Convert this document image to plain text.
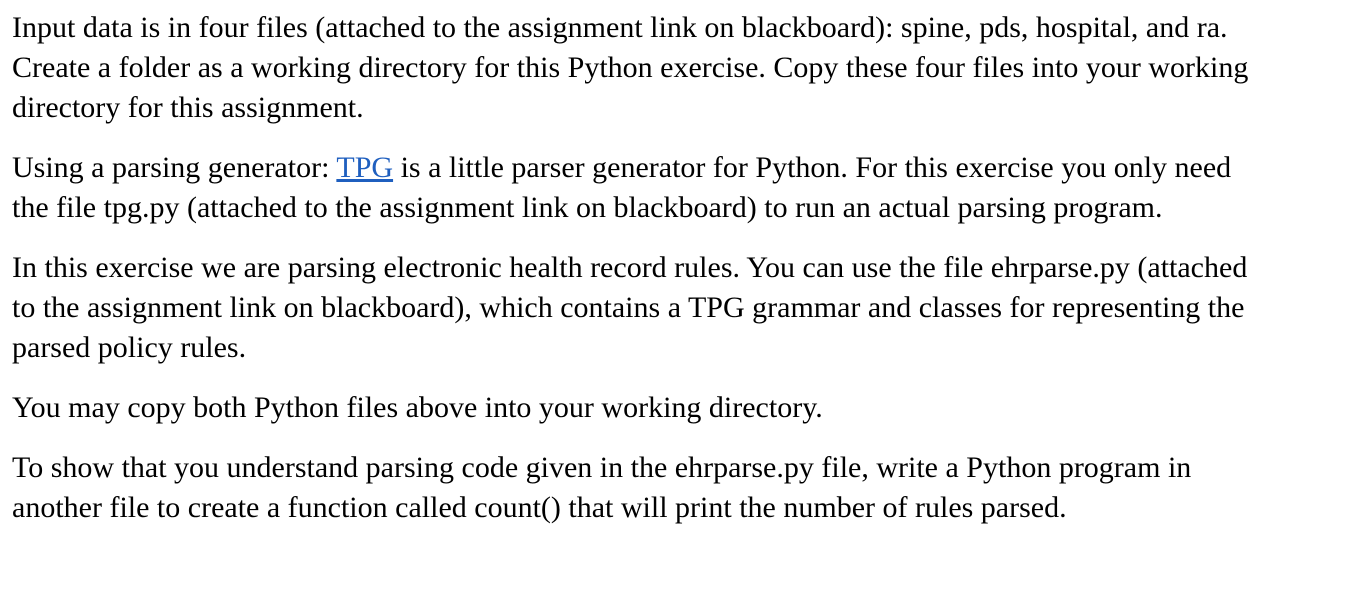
Input data is in four files (attached to the assignment link on blackboard): spine, pds, hospital, and ra. Create a folder as a working directory for this Python exercise. Copy these four files into your working directory for this assignment.

Using a parsing generator: TPG is a little parser generator for Python. For this exercise you only need the file tpg.py (attached to the assignment link on blackboard) to run an actual parsing program.

In this exercise we are parsing electronic health record rules. You can use the file ehrparse.py (attached to the assignment link on blackboard), which contains a TPG grammar and classes for representing the parsed policy rules.

You may copy both Python files above into your working directory.

To show that you understand parsing code given in the ehrparse.py file, write a Python program in another file to create a function called count() that will print the number of rules parsed.
